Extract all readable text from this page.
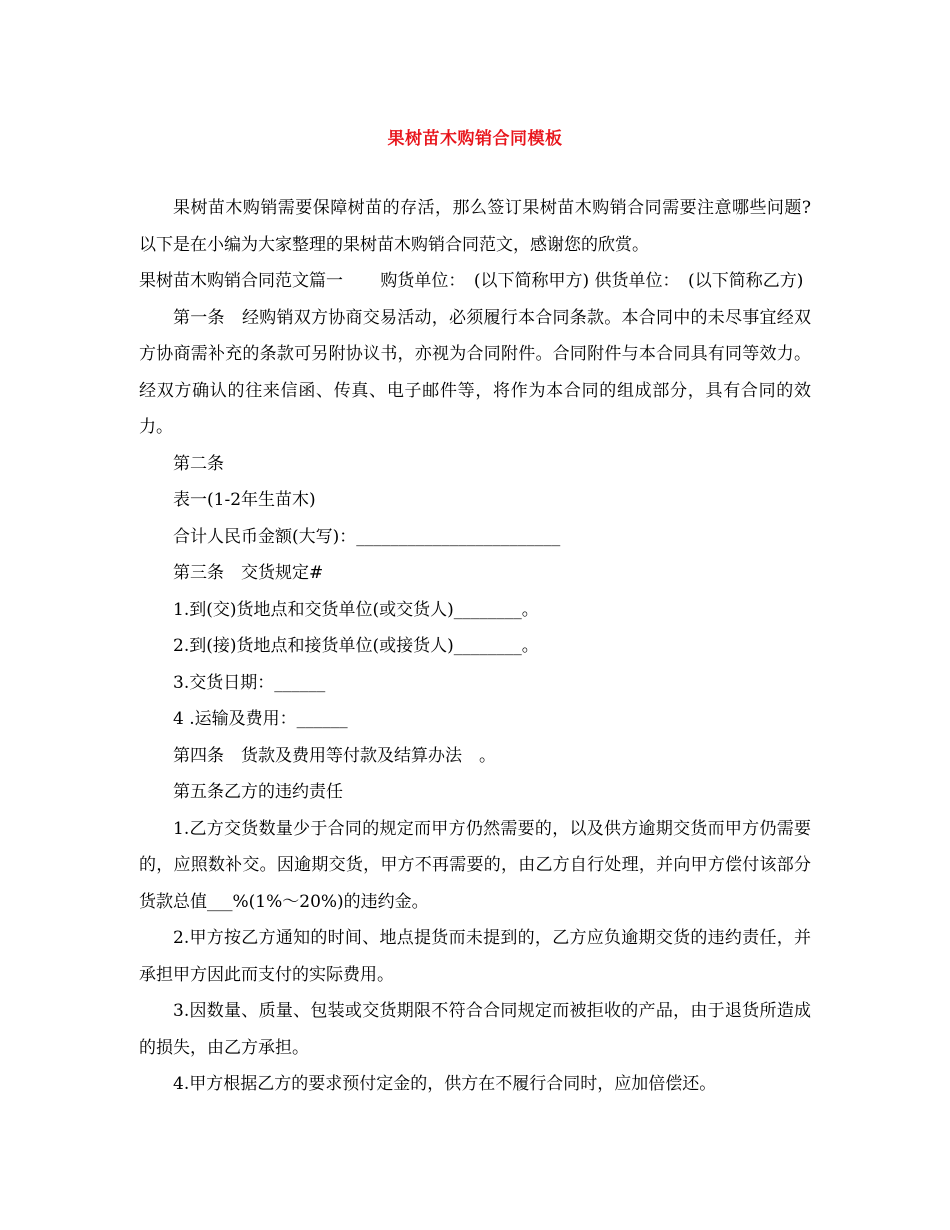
果树苗木购销合同模板

果树苗木购销需要保障树苗的存活，那么签订果树苗木购销合同需要注意哪些问题?以下是在小编为大家整理的果树苗木购销合同范文，感谢您的欣赏。

果树苗木购销合同范文篇一 购货单位：　(以下简称甲方) 供货单位：　(以下简称乙方)

第一条　经购销双方协商交易活动，必须履行本合同条款。本合同中的未尽事宜经双方协商需补充的条款可另附协议书，亦视为合同附件。合同附件与本合同具有同等效力。经双方确认的往来信函、传真、电子邮件等，将作为本合同的组成部分，具有合同的效力。

第二条

表一(1-2年生苗木)

合计人民币金额(大写)：________________________

第三条　交货规定#

1.到(交)货地点和交货单位(或交货人)________。

2.到(接)货地点和接货单位(或接货人)________。

3.交货日期：______

4 .运输及费用：______

第四条　货款及费用等付款及结算办法　。

第五条乙方的违约责任

1.乙方交货数量少于合同的规定而甲方仍然需要的，以及供方逾期交货而甲方仍需要的，应照数补交。因逾期交货，甲方不再需要的，由乙方自行处理，并向甲方偿付该部分货款总值___%(1%～20%)的违约金。

2.甲方按乙方通知的时间、地点提货而未提到的，乙方应负逾期交货的违约责任，并承担甲方因此而支付的实际费用。

3.因数量、质量、包装或交货期限不符合合同规定而被拒收的产品，由于退货所造成的损失，由乙方承担。

4.甲方根据乙方的要求预付定金的，供方在不履行合同时，应加倍偿还。
